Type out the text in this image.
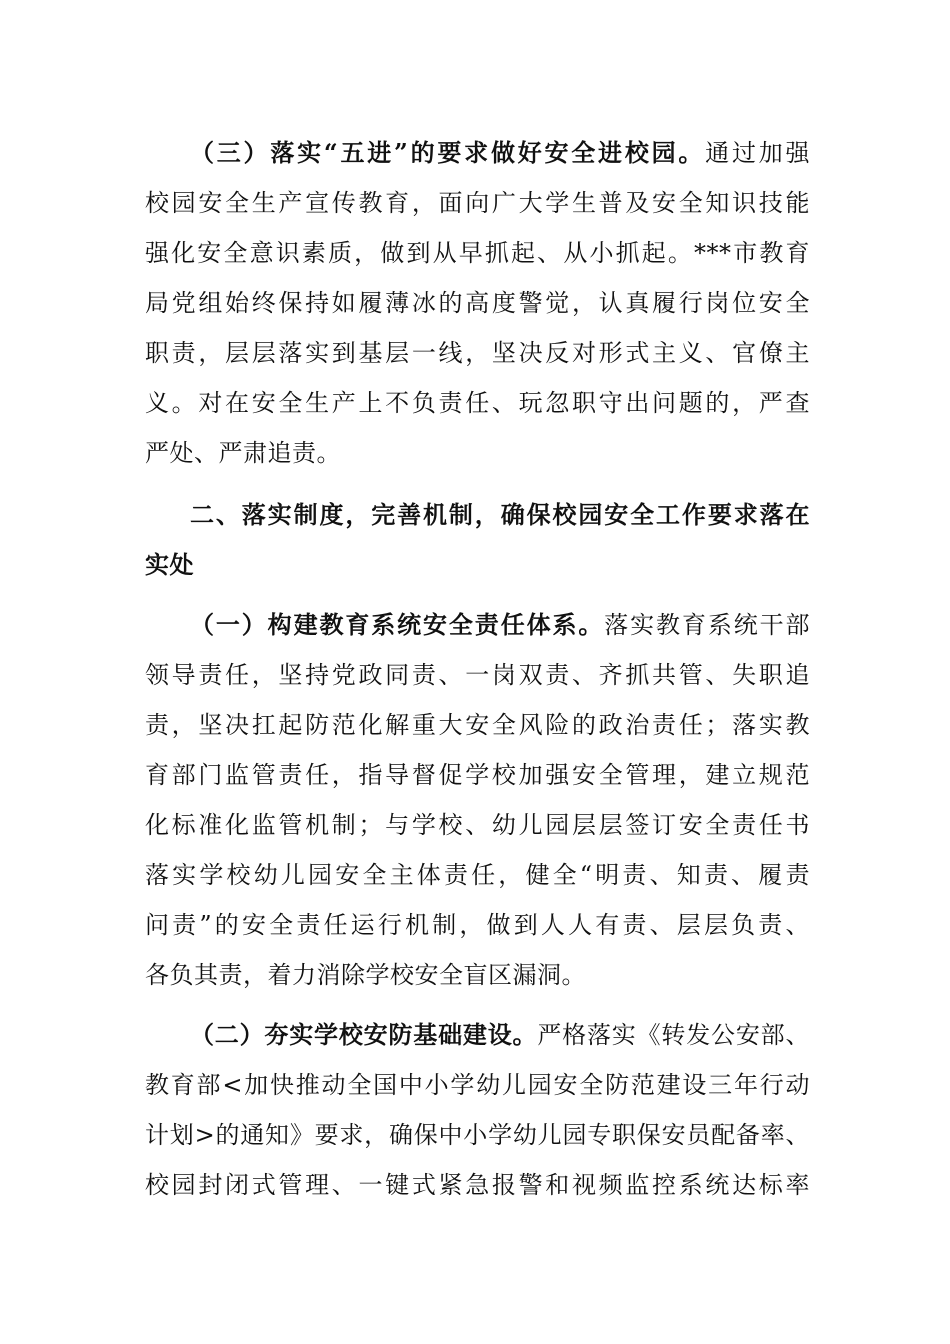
（三）落实“五进”的要求做好安全进校园。通过加强
校园安全生产宣传教育，面向广大学生普及安全知识技能
强化安全意识素质，做到从早抓起、从小抓起。***市教育
局党组始终保持如履薄冰的高度警觉，认真履行岗位安全
职责，层层落实到基层一线，坚决反对形式主义、官僚主
义。对在安全生产上不负责任、玩忽职守出问题的，严查
严处、严肃追责。
二、落实制度，完善机制，确保校园安全工作要求落在
实处
（一）构建教育系统安全责任体系。落实教育系统干部
领导责任，坚持党政同责、一岗双责、齐抓共管、失职追
责，坚决扛起防范化解重大安全风险的政治责任；落实教
育部门监管责任，指导督促学校加强安全管理，建立规范
化标准化监管机制；与学校、幼儿园层层签订安全责任书
落实学校幼儿园安全主体责任，健全“明责、知责、履责
问责”的安全责任运行机制，做到人人有责、层层负责、
各负其责，着力消除学校安全盲区漏洞。
（二）夯实学校安防基础建设。严格落实《转发公安部、
教育部<加快推动全国中小学幼儿园安全防范建设三年行动
计划>的通知》要求，确保中小学幼儿园专职保安员配备率、
校园封闭式管理、一键式紧急报警和视频监控系统达标率
